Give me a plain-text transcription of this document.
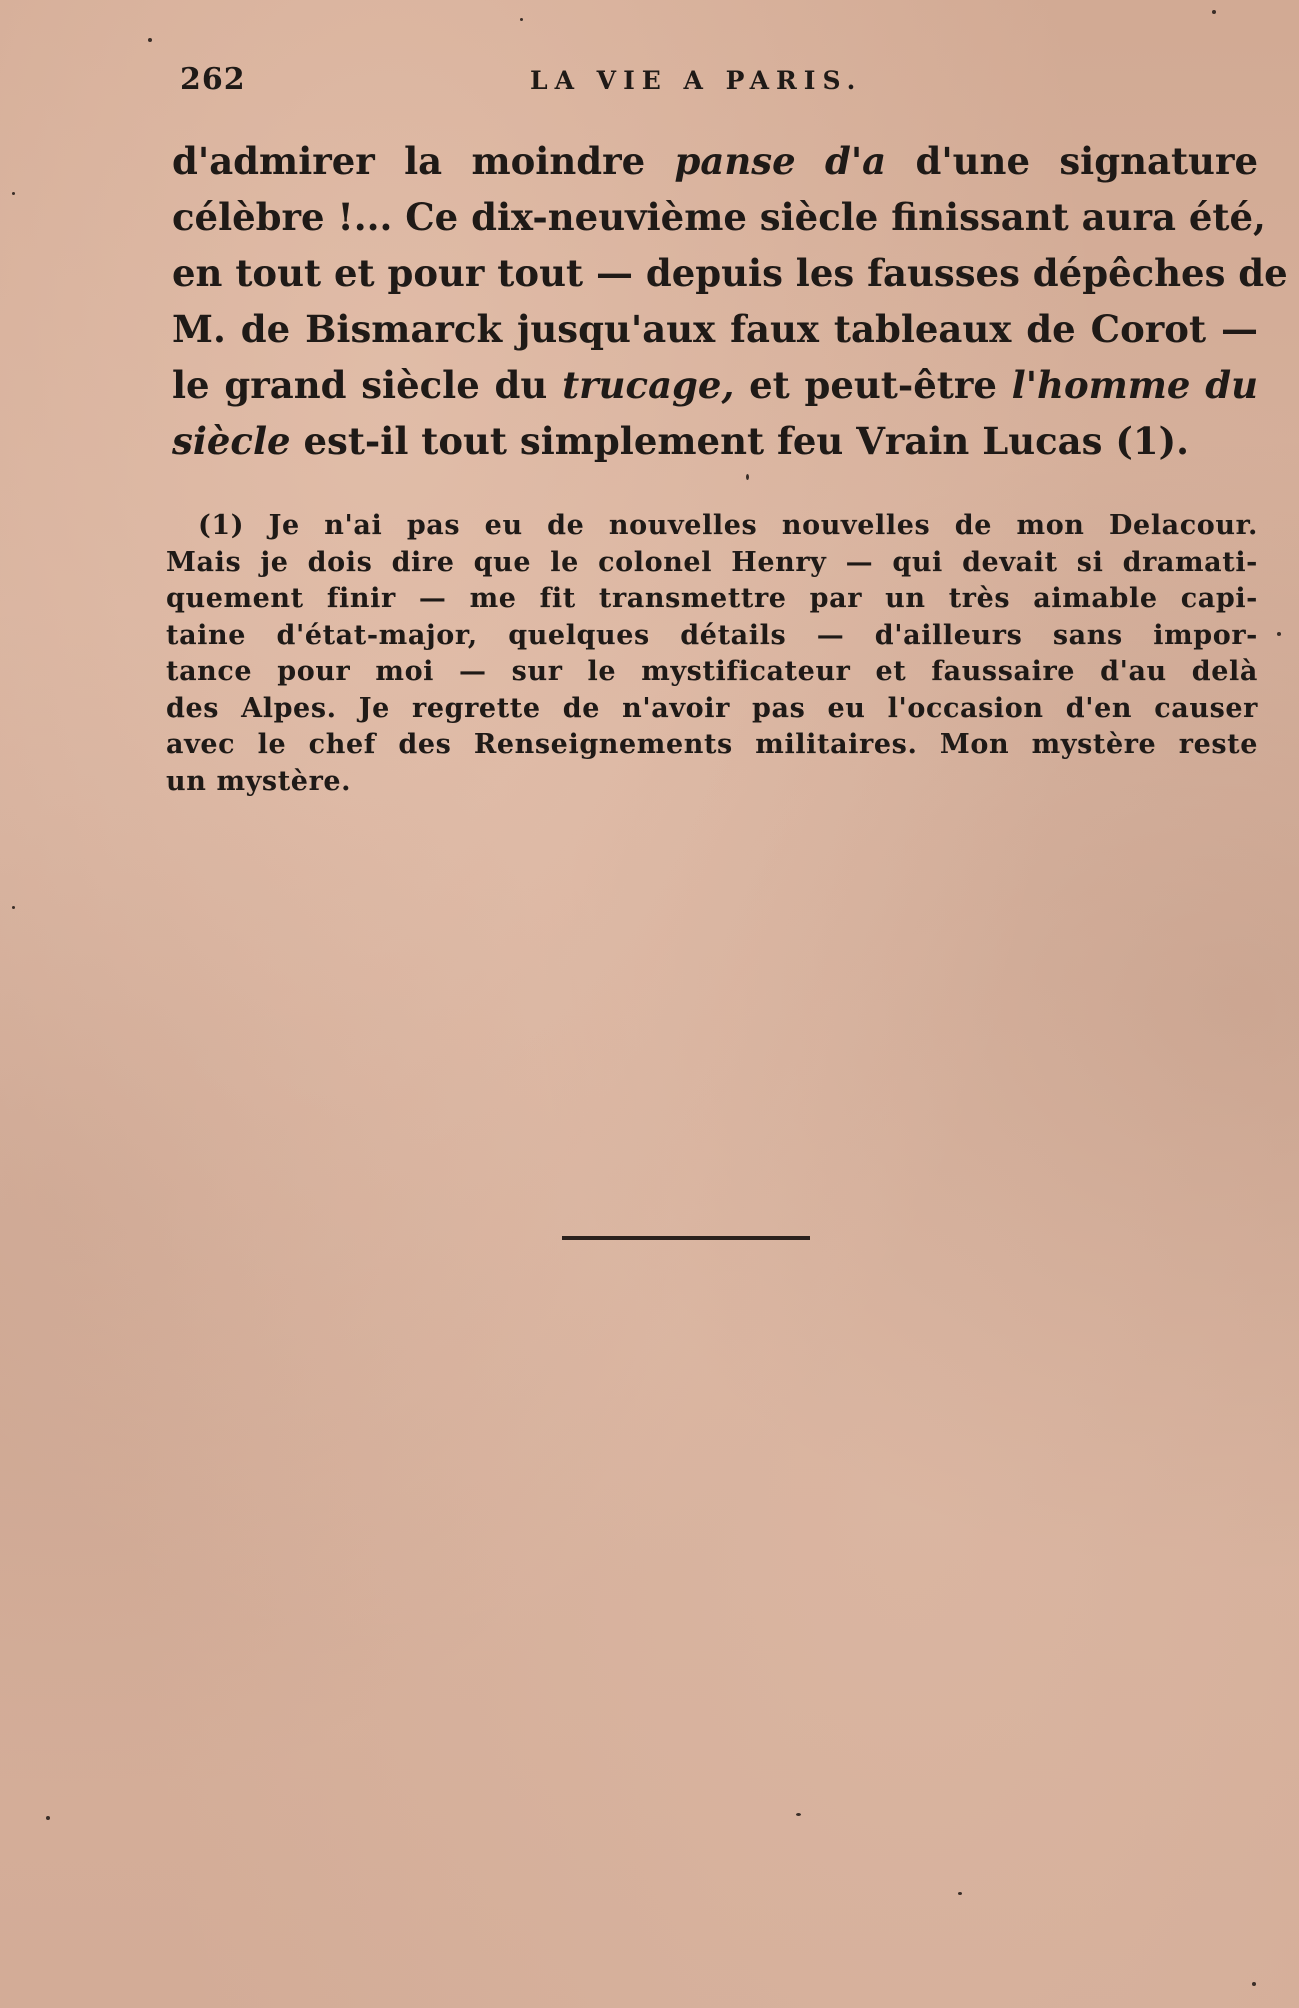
262	LA VIE A PARIS.
d'admirer la moindre panse d'a d'une signature
célèbre !... Ce dix-neuvième siècle finissant aura été,
en tout et pour tout — depuis les fausses dépêches de
M. de Bismarck jusqu'aux faux tableaux de Corot —
le grand siècle du trucage, et peut-être l'homme du
siècle est-il tout simplement feu Vrain Lucas (1).
(1) Je n'ai pas eu de nouvelles nouvelles de mon Delacour.
Mais je dois dire que le colonel Henry — qui devait si dramati-
quement finir — me fit transmettre par un très aimable capi-
taine d'état-major, quelques détails — d'ailleurs sans impor-
tance pour moi — sur le mystificateur et faussaire d'au delà
des Alpes. Je regrette de n'avoir pas eu l'occasion d'en causer
avec le chef des Renseignements militaires. Mon mystère reste
un mystère.
